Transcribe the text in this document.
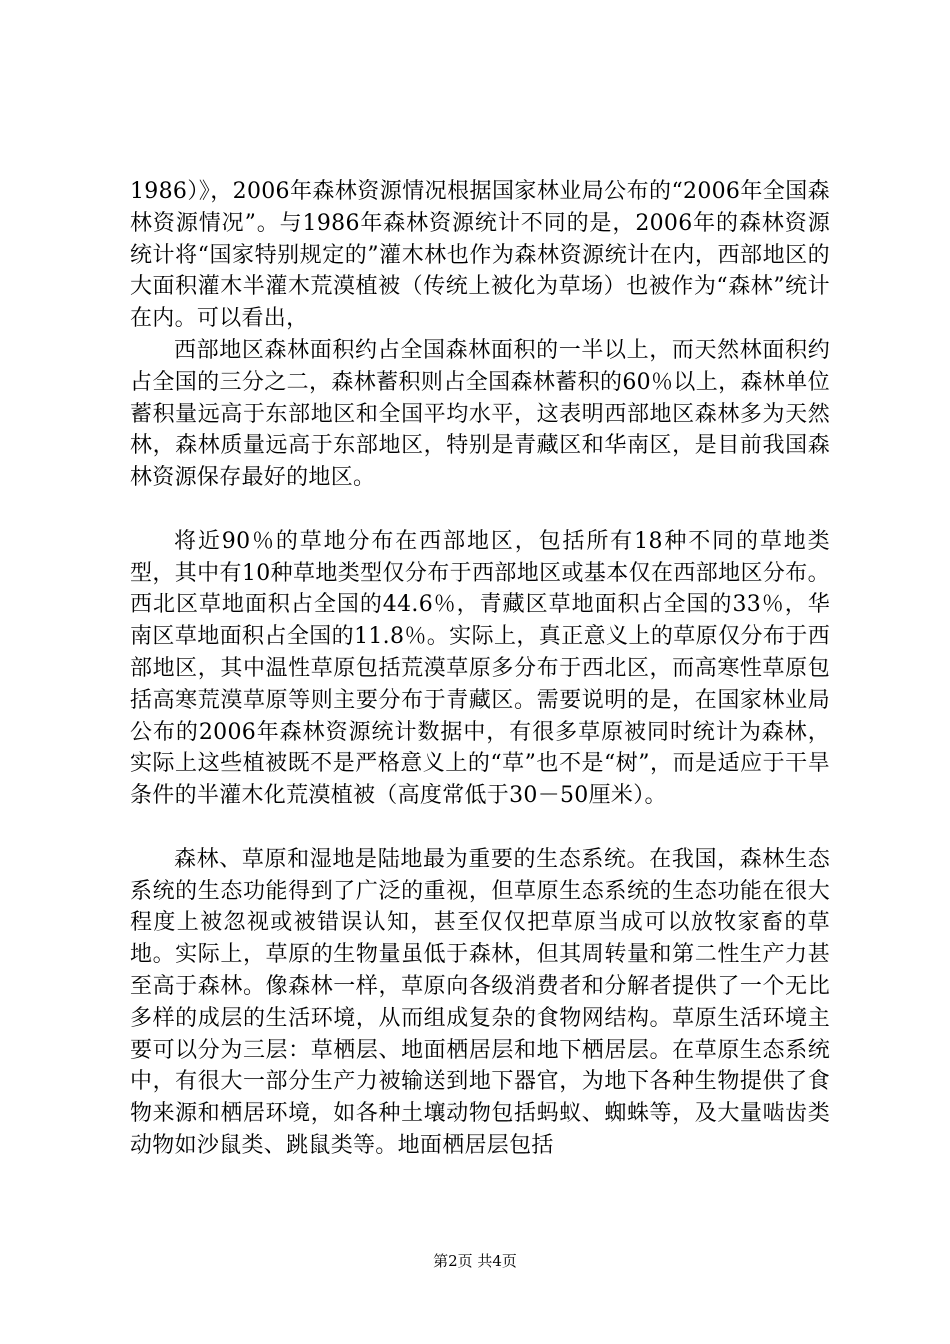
1986）》，2006年森林资源情况根据国家林业局公布的“2006年全国森林资源情况”。与1986年森林资源统计不同的是，2006年的森林资源统计将“国家特别规定的”灌木林也作为森林资源统计在内，西部地区的大面积灌木半灌木荒漠植被（传统上被化为草场）也被作为“森林”统计在内。可以看出，

西部地区森林面积约占全国森林面积的一半以上，而天然林面积约占全国的三分之二，森林蓄积则占全国森林蓄积的60％以上，森林单位蓄积量远高于东部地区和全国平均水平，这表明西部地区森林多为天然林，森林质量远高于东部地区，特别是青藏区和华南区，是目前我国森林资源保存最好的地区。

将近90％的草地分布在西部地区，包括所有18种不同的草地类型，其中有10种草地类型仅分布于西部地区或基本仅在西部地区分布。西北区草地面积占全国的44.6％，青藏区草地面积占全国的33％，华南区草地面积占全国的11.8％。实际上，真正意义上的草原仅分布于西部地区，其中温性草原包括荒漠草原多分布于西北区，而高寒性草原包括高寒荒漠草原等则主要分布于青藏区。需要说明的是，在国家林业局公布的2006年森林资源统计数据中，有很多草原被同时统计为森林，实际上这些植被既不是严格意义上的“草”也不是“树”，而是适应于干旱条件的半灌木化荒漠植被（高度常低于30－50厘米）。

森林、草原和湿地是陆地最为重要的生态系统。在我国，森林生态系统的生态功能得到了广泛的重视，但草原生态系统的生态功能在很大程度上被忽视或被错误认知，甚至仅仅把草原当成可以放牧家畜的草地。实际上，草原的生物量虽低于森林，但其周转量和第二性生产力甚至高于森林。像森林一样，草原向各级消费者和分解者提供了一个无比多样的成层的生活环境，从而组成复杂的食物网结构。草原生活环境主要可以分为三层：草栖层、地面栖居层和地下栖居层。在草原生态系统中，有很大一部分生产力被输送到地下器官，为地下各种生物提供了食物来源和栖居环境，如各种土壤动物包括蚂蚁、蜘蛛等，及大量啮齿类动物如沙鼠类、跳鼠类等。地面栖居层包括

第2页 共4页
